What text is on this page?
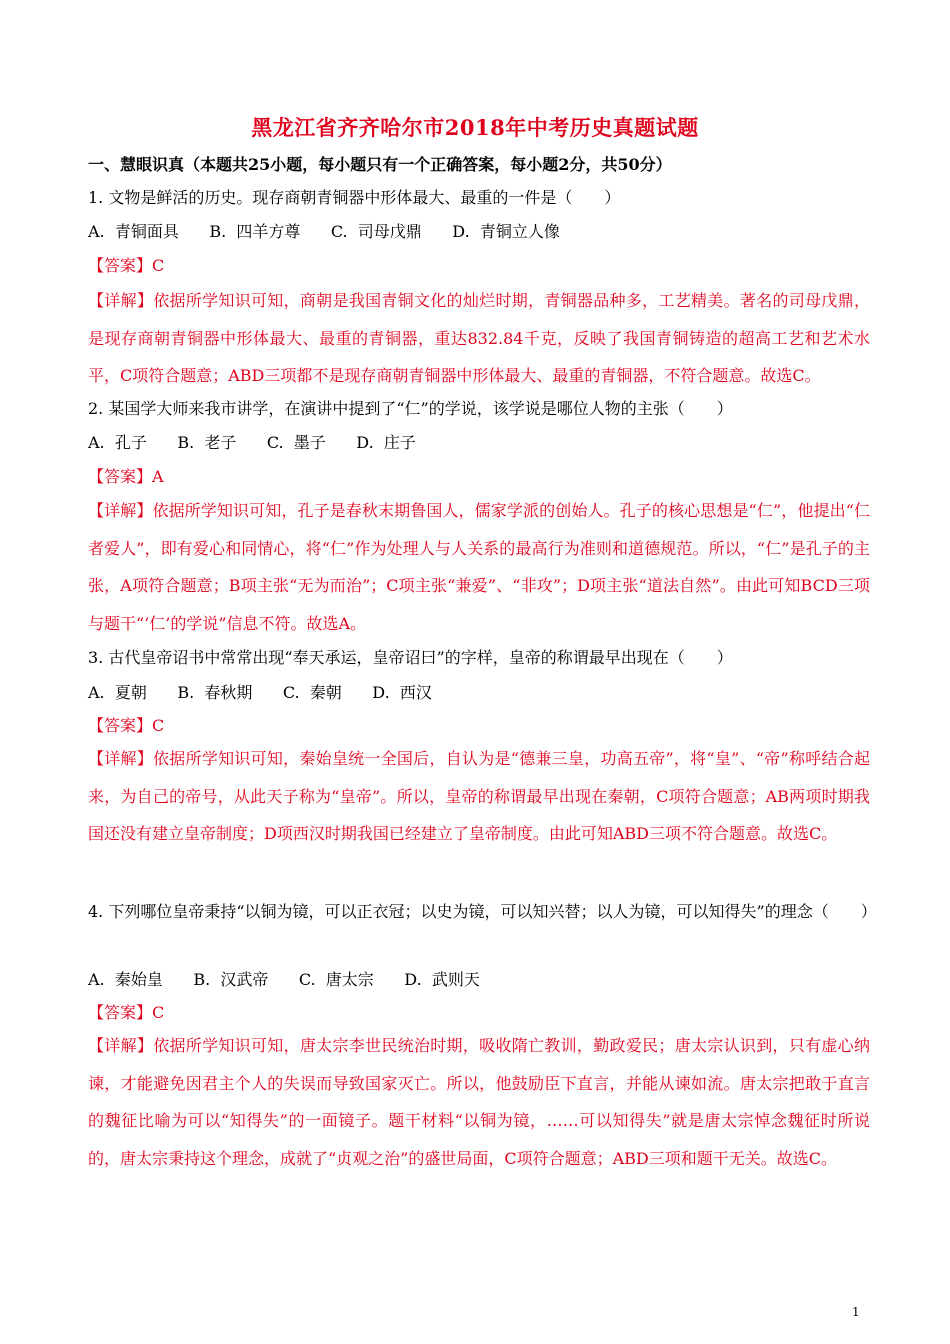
黑龙江省齐齐哈尔市2018年中考历史真题试题
一、慧眼识真（本题共25小题，每小题只有一个正确答案，每小题2分，共50分）
1. 文物是鲜活的历史。现存商朝青铜器中形体最大、最重的一件是（　　）
A.  青铜面具      B.  四羊方尊      C.  司母戊鼎      D.  青铜立人像
【答案】C
【详解】依据所学知识可知，商朝是我国青铜文化的灿烂时期，青铜器品种多，工艺精美。著名的司母戊鼎，是现存商朝青铜器中形体最大、最重的青铜器，重达832.84千克，反映了我国青铜铸造的超高工艺和艺术水平，C项符合题意；ABD三项都不是现存商朝青铜器中形体最大、最重的青铜器，不符合题意。故选C。
2. 某国学大师来我市讲学，在演讲中提到了“仁”的学说，该学说是哪位人物的主张（　　）
A.  孔子      B.  老子      C.  墨子      D.  庄子
【答案】A
【详解】依据所学知识可知，孔子是春秋末期鲁国人，儒家学派的创始人。孔子的核心思想是“仁”，他提出“仁者爱人”，即有爱心和同情心，将“仁”作为处理人与人关系的最高行为准则和道德规范。所以，“仁”是孔子的主张，A项符合题意；B项主张“无为而治”；C项主张“兼爱”、“非攻”；D项主张“道法自然”。由此可知BCD三项与题干“‘仁’的学说”信息不符。故选A。
3. 古代皇帝诏书中常常出现“奉天承运，皇帝诏曰”的字样，皇帝的称谓最早出现在（　　）
A.  夏朝      B.  春秋期      C.  秦朝      D.  西汉
【答案】C
【详解】依据所学知识可知，秦始皇统一全国后，自认为是“德兼三皇，功高五帝”，将“皇”、“帝”称呼结合起来，为自己的帝号，从此天子称为“皇帝”。所以，皇帝的称谓最早出现在秦朝，C项符合题意；AB两项时期我国还没有建立皇帝制度；D项西汉时期我国已经建立了皇帝制度。由此可知ABD三项不符合题意。故选C。
4. 下列哪位皇帝秉持“以铜为镜，可以正衣冠；以史为镜，可以知兴替；以人为镜，可以知得失”的理念（　　）
A.  秦始皇      B.  汉武帝      C.  唐太宗      D.  武则天
【答案】C
【详解】依据所学知识可知，唐太宗李世民统治时期，吸收隋亡教训，勤政爱民；唐太宗认识到，只有虚心纳谏，才能避免因君主个人的失误而导致国家灭亡。所以，他鼓励臣下直言，并能从谏如流。唐太宗把敢于直言的魏征比喻为可以“知得失”的一面镜子。题干材料“以铜为镜，……可以知得失”就是唐太宗悼念魏征时所说的，唐太宗秉持这个理念，成就了“贞观之治”的盛世局面，C项符合题意；ABD三项和题干无关。故选C。
1
